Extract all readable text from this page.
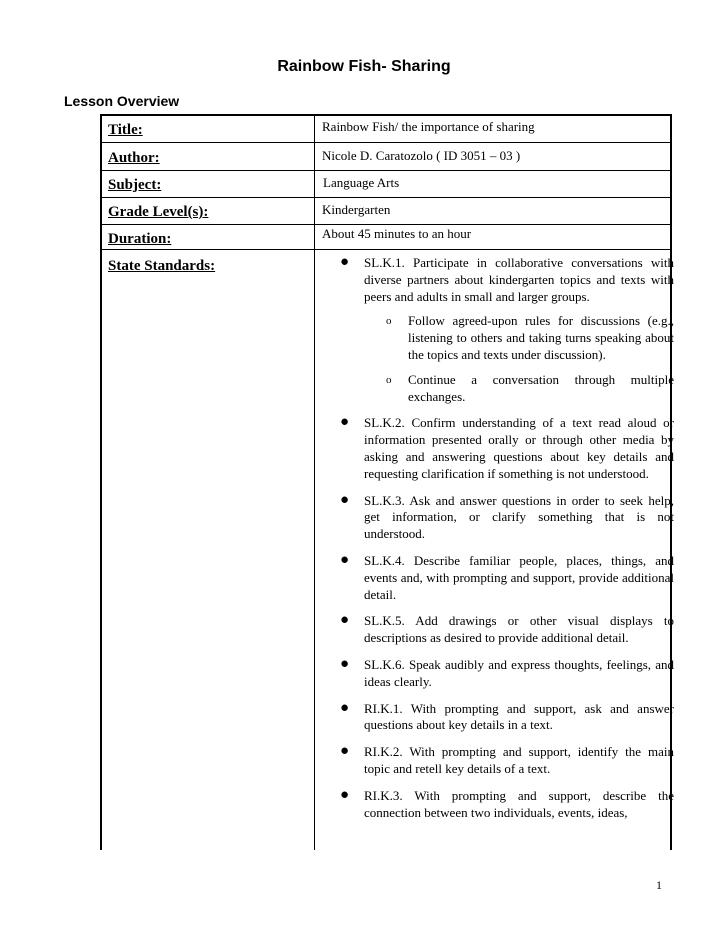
Rainbow Fish- Sharing
Lesson Overview
Title:	Rainbow Fish/ the importance of sharing
Author:	Nicole D. Caratozolo ( ID 3051 – 03 )
Subject:	Language Arts
Grade Level(s):	Kindergarten
Duration:	About 45 minutes to an hour
State Standards:	● SL.K.1. Participate in collaborative conversations with diverse partners about kindergarten topics and texts with peers and adults in small and larger groups.
o Follow agreed-upon rules for discussions (e.g., listening to others and taking turns speaking about the topics and texts under discussion).
o Continue a conversation through multiple exchanges.
● SL.K.2. Confirm understanding of a text read aloud or information presented orally or through other media by asking and answering questions about key details and requesting clarification if something is not understood.
● SL.K.3. Ask and answer questions in order to seek help, get information, or clarify something that is not understood.
● SL.K.4. Describe familiar people, places, things, and events and, with prompting and support, provide additional detail.
● SL.K.5. Add drawings or other visual displays to descriptions as desired to provide additional detail.
● SL.K.6. Speak audibly and express thoughts, feelings, and ideas clearly.
● RI.K.1. With prompting and support, ask and answer questions about key details in a text.
● RI.K.2. With prompting and support, identify the main topic and retell key details of a text.
● RI.K.3. With prompting and support, describe the connection between two individuals, events, ideas,
1
